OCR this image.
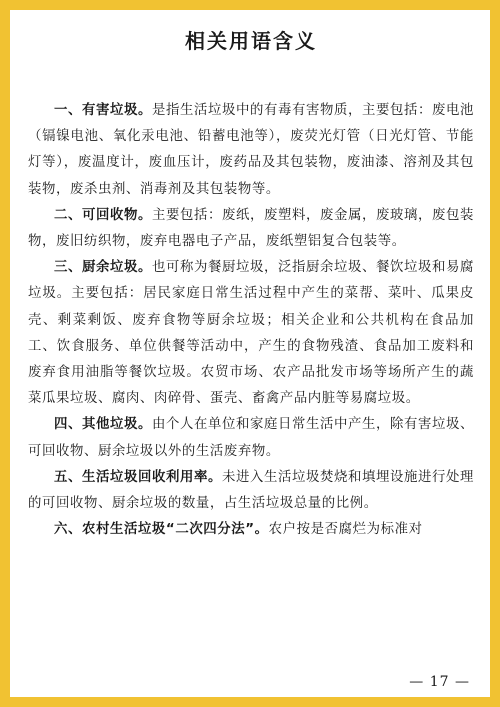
相关用语含义

一、有害垃圾。是指生活垃圾中的有毒有害物质，主要包括：废电池（镉镍电池、氧化汞电池、铅蓄电池等），废荧光灯管（日光灯管、节能灯等），废温度计，废血压计，废药品及其包装物，废油漆、溶剂及其包装物，废杀虫剂、消毒剂及其包装物等。

二、可回收物。主要包括：废纸，废塑料，废金属，废玻璃，废包装物，废旧纺织物，废弃电器电子产品，废纸塑铝复合包装等。

三、厨余垃圾。也可称为餐厨垃圾，泛指厨余垃圾、餐饮垃圾和易腐垃圾。主要包括：居民家庭日常生活过程中产生的菜帮、菜叶、瓜果皮壳、剩菜剩饭、废弃食物等厨余垃圾；相关企业和公共机构在食品加工、饮食服务、单位供餐等活动中，产生的食物残渣、食品加工废料和废弃食用油脂等餐饮垃圾。农贸市场、农产品批发市场等场所产生的蔬菜瓜果垃圾、腐肉、肉碎骨、蛋壳、畜禽产品内脏等易腐垃圾。

四、其他垃圾。由个人在单位和家庭日常生活中产生，除有害垃圾、可回收物、厨余垃圾以外的生活废弃物。

五、生活垃圾回收利用率。未进入生活垃圾焚烧和填埋设施进行处理的可回收物、厨余垃圾的数量，占生活垃圾总量的比例。

六、农村生活垃圾“二次四分法”。农户按是否腐烂为标准对

— 17 —
